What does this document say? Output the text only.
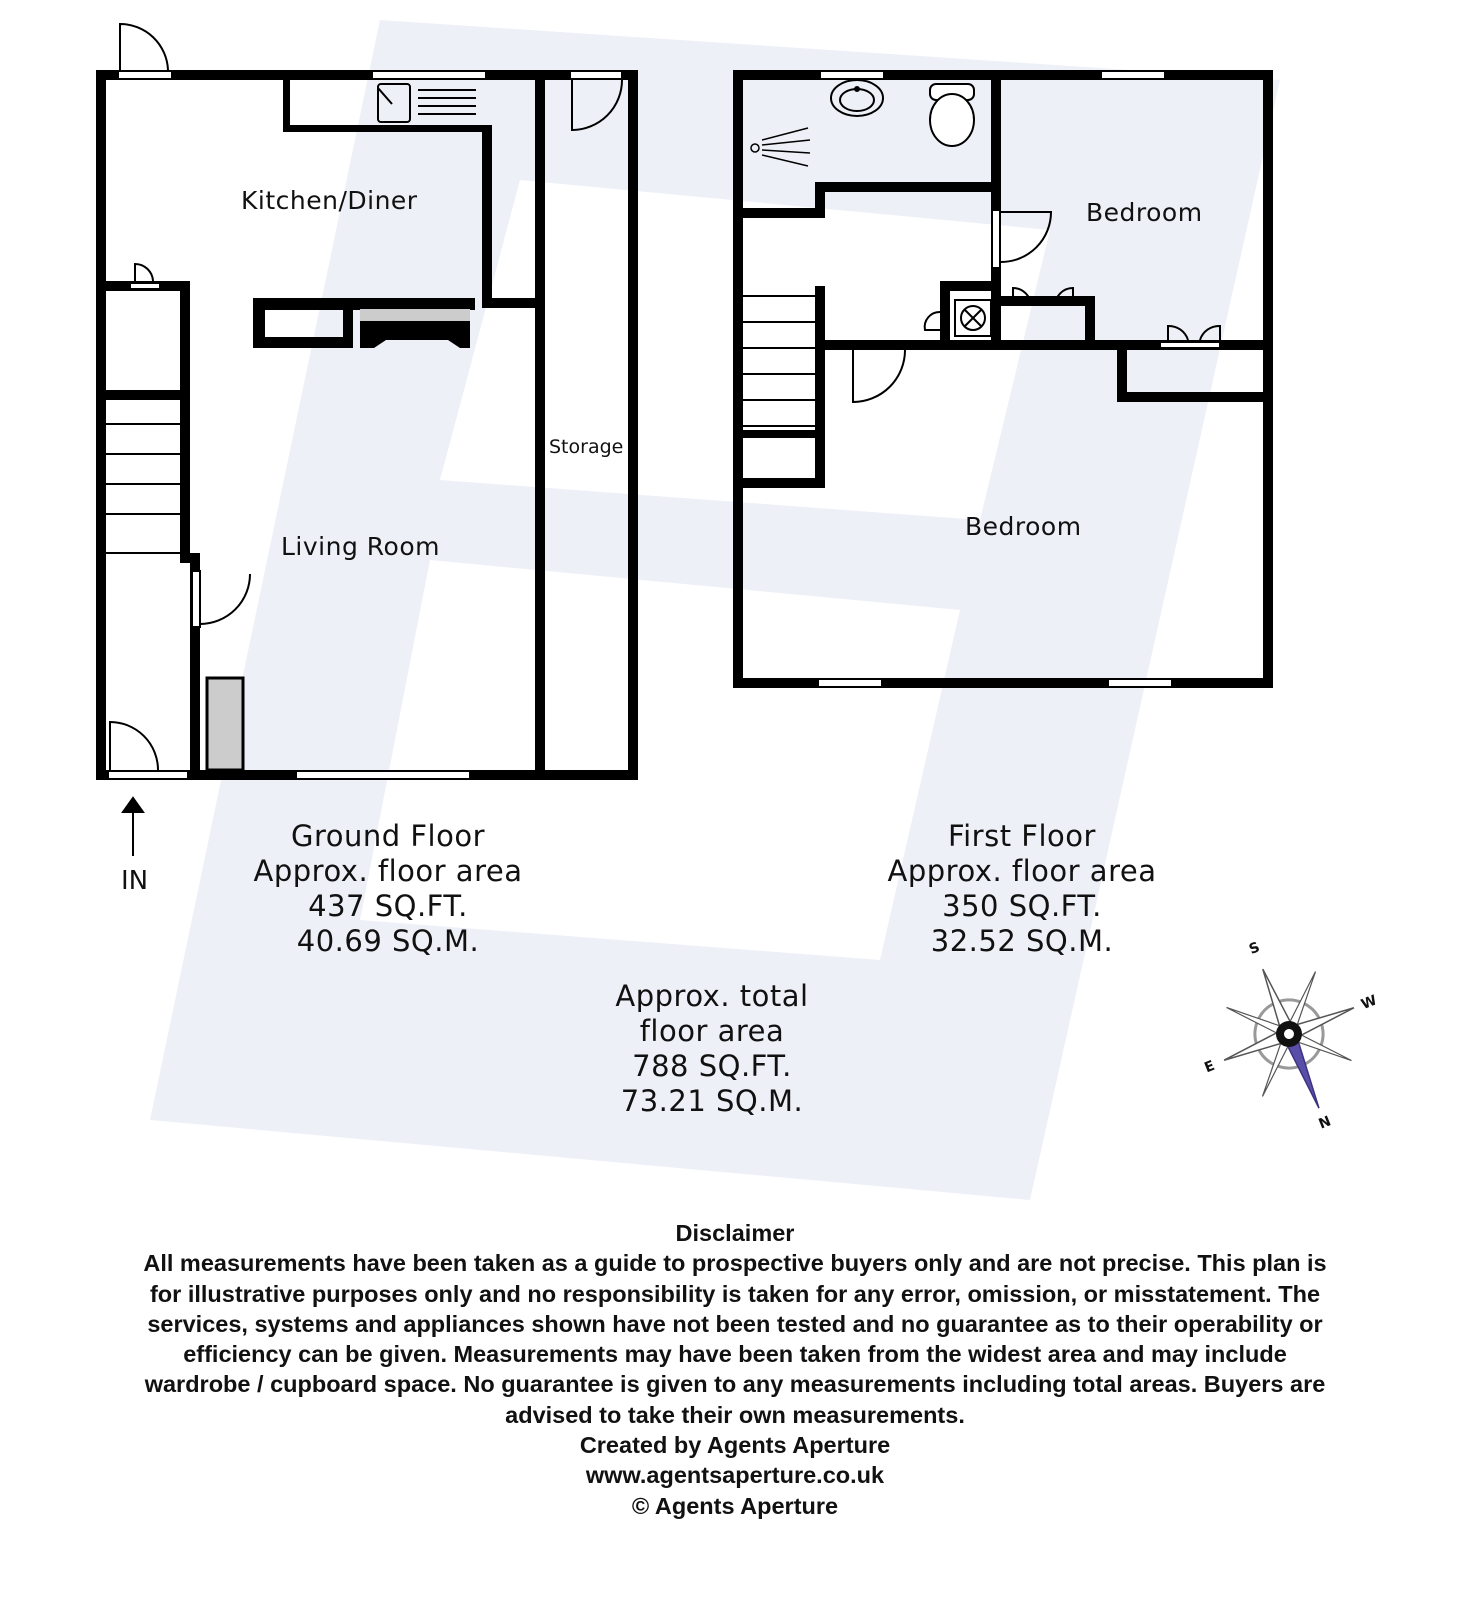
N
S
E
W
Kitchen/Diner
Living Room
Storage
Bedroom
Bedroom
IN
Ground Floor
Approx. floor area
437 SQ.FT.
40.69 SQ.M.
First Floor
Approx. floor area
350 SQ.FT.
32.52 SQ.M.
Approx. total
floor area
788 SQ.FT.
73.21 SQ.M.
Disclaimer
All measurements have been taken as a guide to prospective buyers only and are not precise. This plan is
for illustrative purposes only and no responsibility is taken for any error, omission, or misstatement. The
services, systems and appliances shown have not been tested and no guarantee as to their operability or
efficiency can be given. Measurements may have been taken from the widest area and may include
wardrobe / cupboard space. No guarantee is given to any measurements including total areas. Buyers are
advised to take their own measurements.
Created by Agents Aperture
www.agentsaperture.co.uk
© Agents Aperture
